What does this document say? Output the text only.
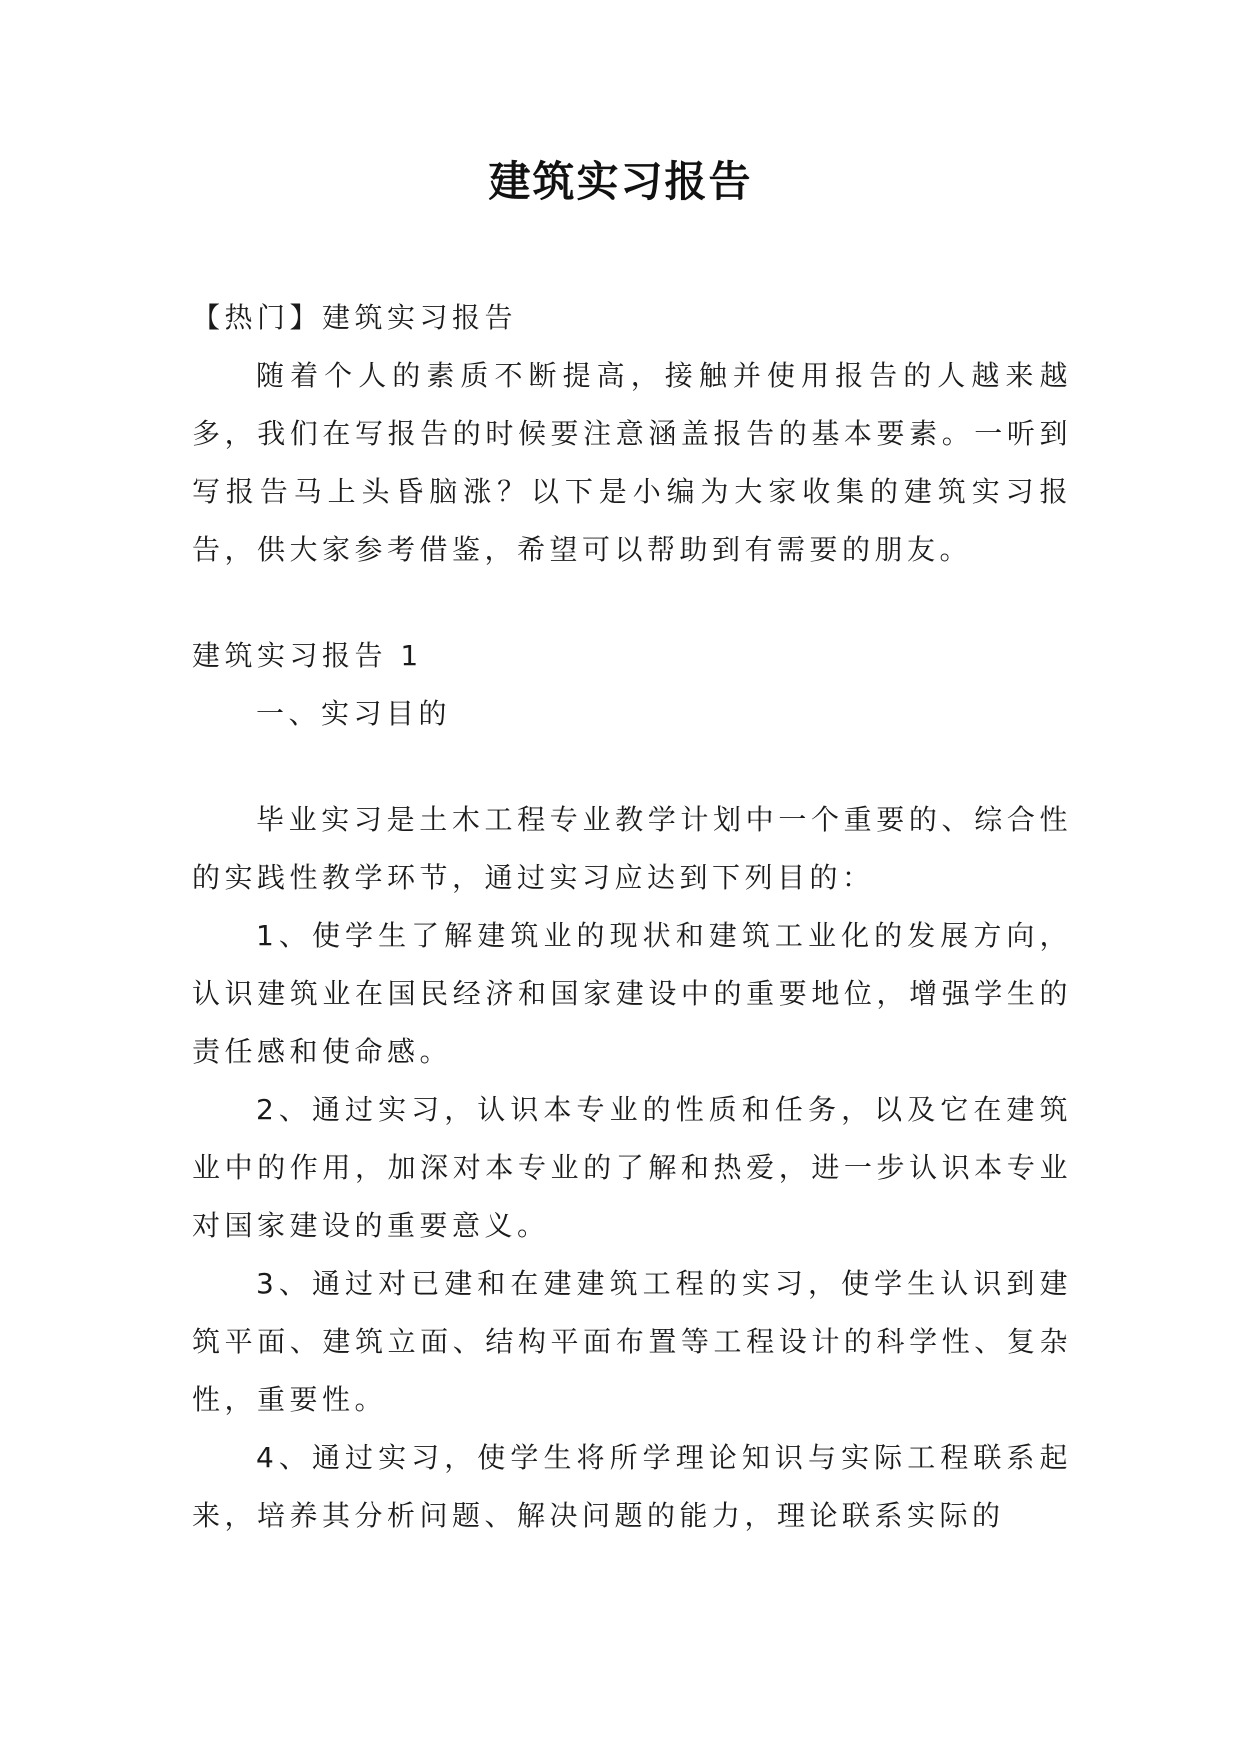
建筑实习报告

【热门】建筑实习报告

随着个人的素质不断提高，接触并使用报告的人越来越多，我们在写报告的时候要注意涵盖报告的基本要素。一听到写报告马上头昏脑涨？以下是小编为大家收集的建筑实习报告，供大家参考借鉴，希望可以帮助到有需要的朋友。

建筑实习报告 1

一、实习目的

毕业实习是土木工程专业教学计划中一个重要的、综合性的实践性教学环节，通过实习应达到下列目的：

1、使学生了解建筑业的现状和建筑工业化的发展方向，认识建筑业在国民经济和国家建设中的重要地位，增强学生的责任感和使命感。

2、通过实习，认识本专业的性质和任务，以及它在建筑业中的作用，加深对本专业的了解和热爱，进一步认识本专业对国家建设的重要意义。

3、通过对已建和在建建筑工程的实习，使学生认识到建筑平面、建筑立面、结构平面布置等工程设计的科学性、复杂性，重要性。

4、通过实习，使学生将所学理论知识与实际工程联系起来，培养其分析问题、解决问题的能力，理论联系实际的
